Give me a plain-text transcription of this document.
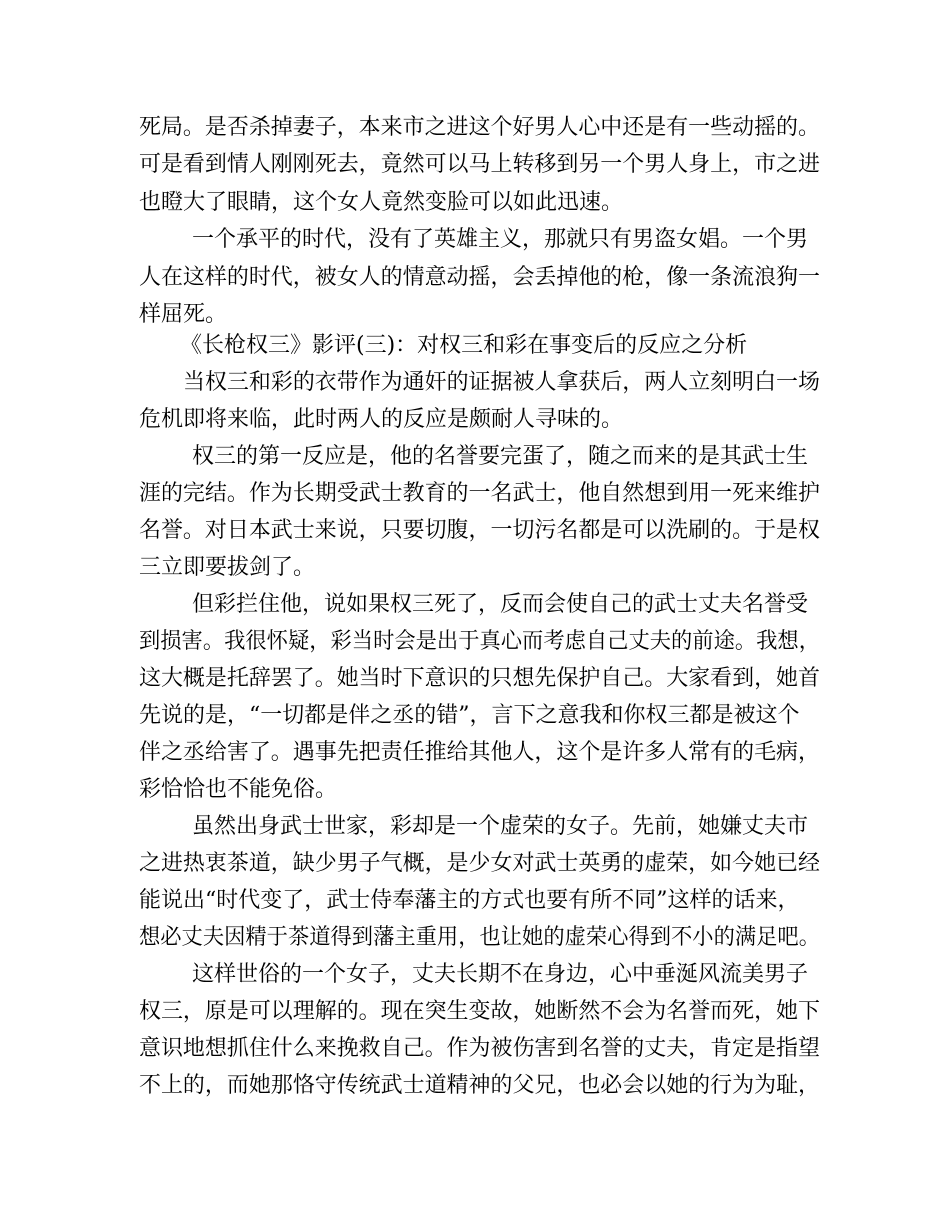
死局。是否杀掉妻子，本来市之进这个好男人心中还是有一些动摇的。
可是看到情人刚刚死去，竟然可以马上转移到另一个男人身上，市之进
也瞪大了眼睛，这个女人竟然变脸可以如此迅速。
一个承平的时代，没有了英雄主义，那就只有男盗女娼。一个男
人在这样的时代，被女人的情意动摇，会丢掉他的枪，像一条流浪狗一
样屈死。
《长枪权三》影评(三)：对权三和彩在事变后的反应之分析
当权三和彩的衣带作为通奸的证据被人拿获后，两人立刻明白一场
危机即将来临，此时两人的反应是颇耐人寻味的。
权三的第一反应是，他的名誉要完蛋了，随之而来的是其武士生
涯的完结。作为长期受武士教育的一名武士，他自然想到用一死来维护
名誉。对日本武士来说，只要切腹，一切污名都是可以洗刷的。于是权
三立即要拔剑了。
但彩拦住他，说如果权三死了，反而会使自己的武士丈夫名誉受
到损害。我很怀疑，彩当时会是出于真心而考虑自己丈夫的前途。我想，
这大概是托辞罢了。她当时下意识的只想先保护自己。大家看到，她首
先说的是，“一切都是伴之丞的错”，言下之意我和你权三都是被这个
伴之丞给害了。遇事先把责任推给其他人，这个是许多人常有的毛病，
彩恰恰也不能免俗。
虽然出身武士世家，彩却是一个虚荣的女子。先前，她嫌丈夫市
之进热衷茶道，缺少男子气概，是少女对武士英勇的虚荣，如今她已经
能说出“时代变了，武士侍奉藩主的方式也要有所不同”这样的话来，
想必丈夫因精于茶道得到藩主重用，也让她的虚荣心得到不小的满足吧。
这样世俗的一个女子，丈夫长期不在身边，心中垂涎风流美男子
权三，原是可以理解的。现在突生变故，她断然不会为名誉而死，她下
意识地想抓住什么来挽救自己。作为被伤害到名誉的丈夫，肯定是指望
不上的，而她那恪守传统武士道精神的父兄，也必会以她的行为为耻，
